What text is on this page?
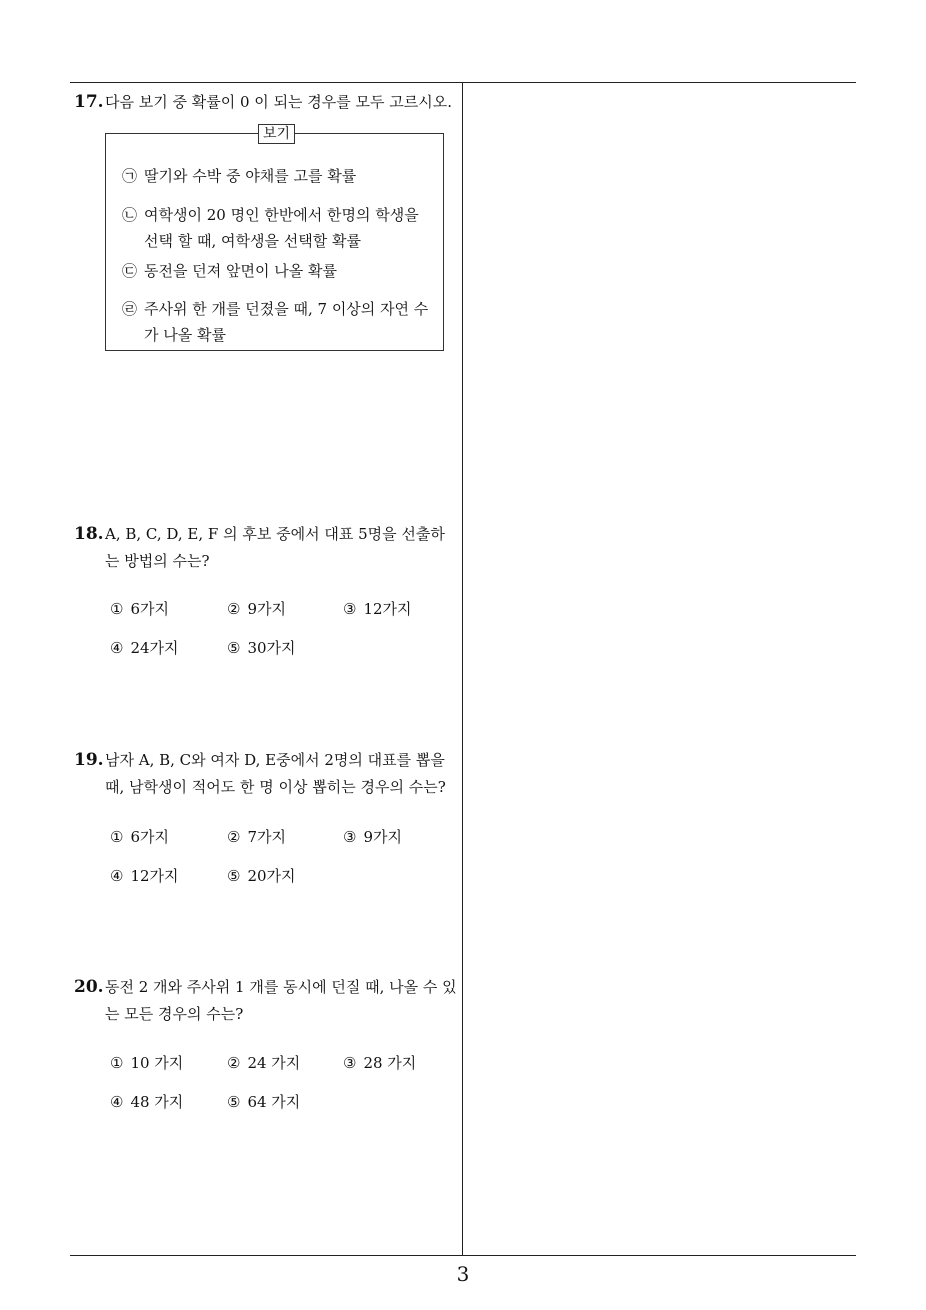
17. 다음 보기 중 확률이 0 이 되는 경우를 모두 고르시오.
보기
㉠ 딸기와 수박 중 야채를 고를 확률
㉡ 여학생이 20 명인 한반에서 한명의 학생을 선택 할 때, 여학생을 선택할 확률
㉢ 동전을 던져 앞면이 나올 확률
㉣ 주사위 한 개를 던졌을 때, 7 이상의 자연 수가 나올 확률
18. A, B, C, D, E, F 의 후보 중에서 대표 5명을 선출하는 방법의 수는?
① 6가지	② 9가지	③ 12가지
④ 24가지	⑤ 30가지
19. 남자 A, B, C와 여자 D, E중에서 2명의 대표를 뽑을 때, 남학생이 적어도 한 명 이상 뽑히는 경우의 수는?
① 6가지	② 7가지	③ 9가지
④ 12가지	⑤ 20가지
20. 동전 2 개와 주사위 1 개를 동시에 던질 때, 나올 수 있는 모든 경우의 수는?
① 10 가지	② 24 가지	③ 28 가지
④ 48 가지	⑤ 64 가지
3
